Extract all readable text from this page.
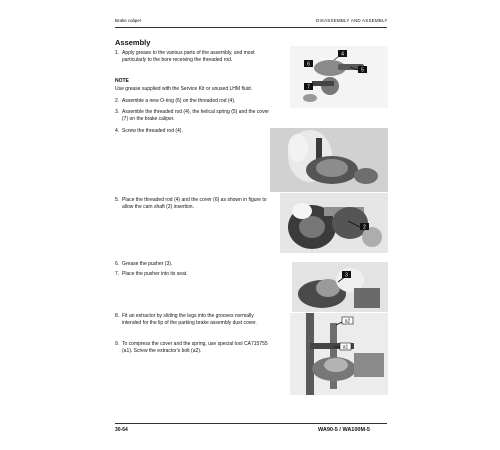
Brake caliper	DISASSEMBLY AND ASSEMBLY
Assembly
1. Apply grease to the various parts of the assembly, and most particularly to the bore receiving the threaded rod.
NOTE
Use grease supplied with the Service Kit or unused LHM fluid.
2. Assemble a new O-ring (6) on the threaded rod (4).
3. Assemble the threaded rod (4), the helical spring (5) and the cover (7) on the brake caliper.
4. Screw the threaded rod (4).
5. Place the threaded rod (4) and the cover (6) as shown in figure to allow the cam shaft (2) insertion.
6. Grease the pusher (3).
7. Place the pusher into its seat.
8. Fit an extractor by sliding the legs into the grooves normally intended for the lip of the parking brake assembly dust cover.
9. To compress the cover and the spring, use special tool CA715755 (a1). Screw the extractor's bolt (a2).
6
4
5
7
2
3
a2
a1
30-64	WA90-5 / WA100M-5
